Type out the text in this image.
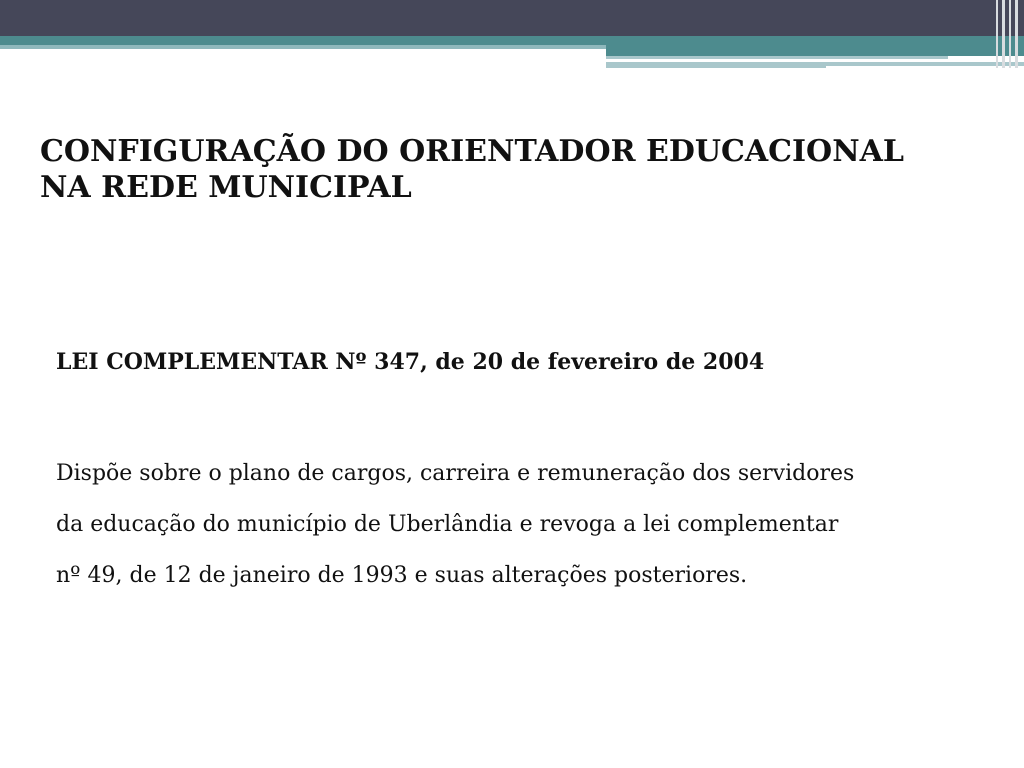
CONFIGURAÇÃO DO ORIENTADOR EDUCACIONAL
NA REDE MUNICIPAL

LEI COMPLEMENTAR Nº 347, de 20 de fevereiro de 2004

Dispõe sobre o plano de cargos, carreira e remuneração dos servidores
da educação do município de Uberlândia e revoga a lei complementar
nº 49, de 12 de janeiro de 1993 e suas alterações posteriores.
